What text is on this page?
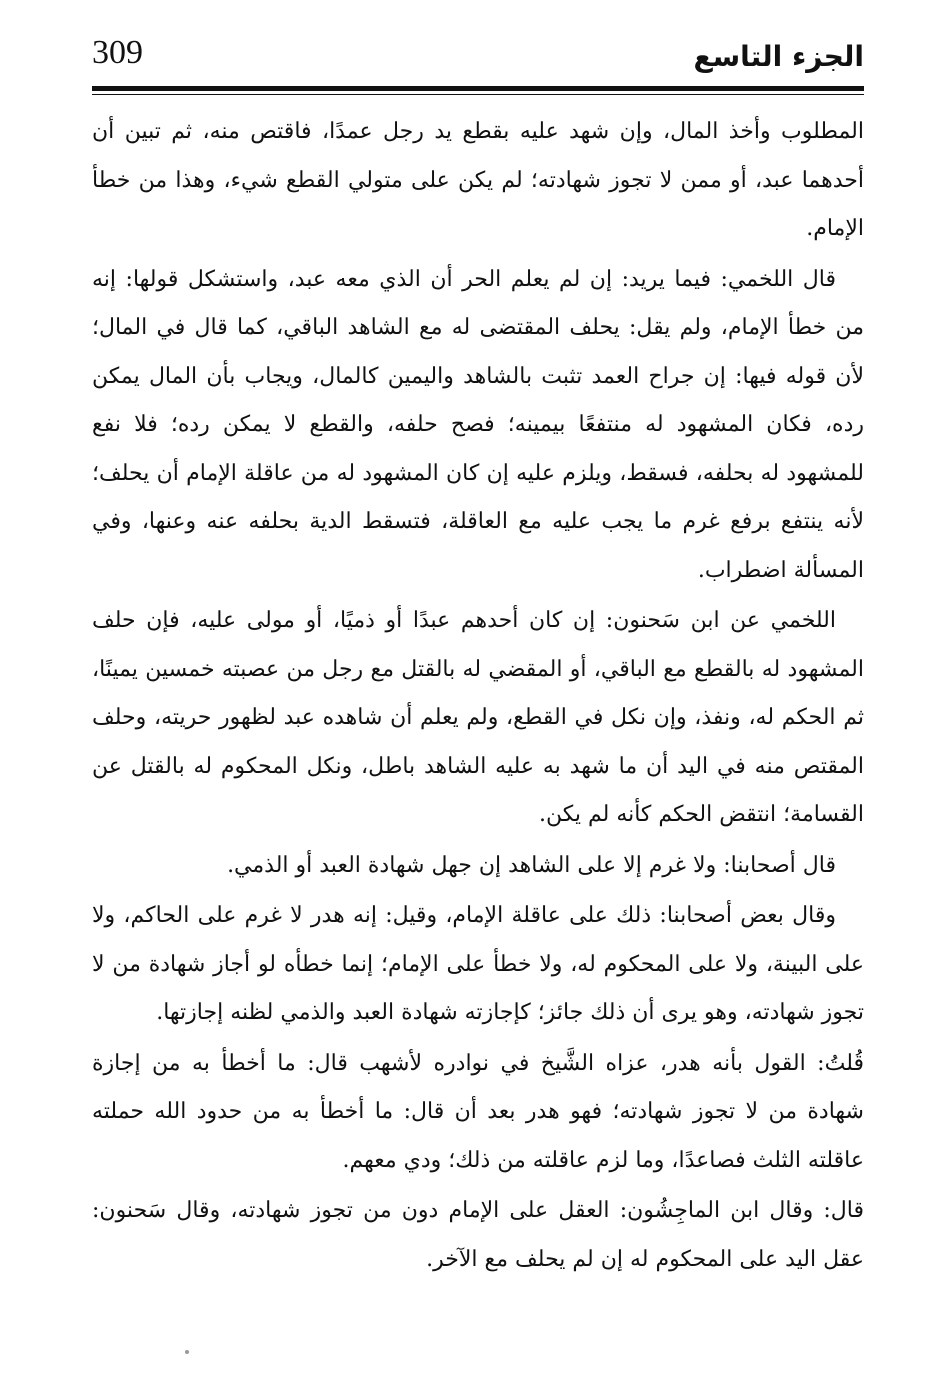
309	الجزء التاسع

المطلوب وأخذ المال، وإن شهد عليه بقطع يد رجل عمدًا، فاقتص منه، ثم تبين أن أحدهما عبد، أو ممن لا تجوز شهادته؛ لم يكن على متولي القطع شيء، وهذا من خطأ الإمام.

قال اللخمي: فيما يريد: إن لم يعلم الحر أن الذي معه عبد، واستشكل قولها: إنه من خطأ الإمام، ولم يقل: يحلف المقتضى له مع الشاهد الباقي، كما قال في المال؛ لأن قوله فيها: إن جراح العمد تثبت بالشاهد واليمين كالمال، ويجاب بأن المال يمكن رده، فكان المشهود له منتفعًا بيمينه؛ فصح حلفه، والقطع لا يمكن رده؛ فلا نفع للمشهود له بحلفه، فسقط، ويلزم عليه إن كان المشهود له من عاقلة الإمام أن يحلف؛ لأنه ينتفع برفع غرم ما يجب عليه مع العاقلة، فتسقط الدية بحلفه عنه وعنها، وفي المسألة اضطراب.

اللخمي عن ابن سَحنون: إن كان أحدهم عبدًا أو ذميًا، أو مولى عليه، فإن حلف المشهود له بالقطع مع الباقي، أو المقضي له بالقتل مع رجل من عصبته خمسين يمينًا، ثم الحكم له، ونفذ، وإن نكل في القطع، ولم يعلم أن شاهده عبد لظهور حريته، وحلف المقتص منه في اليد أن ما شهد به عليه الشاهد باطل، ونكل المحكوم له بالقتل عن القسامة؛ انتقض الحكم كأنه لم يكن.

قال أصحابنا: ولا غرم إلا على الشاهد إن جهل شهادة العبد أو الذمي.

وقال بعض أصحابنا: ذلك على عاقلة الإمام، وقيل: إنه هدر لا غرم على الحاكم، ولا على البينة، ولا على المحكوم له، ولا خطأ على الإمام؛ إنما خطأه لو أجاز شهادة من لا تجوز شهادته، وهو يرى أن ذلك جائز؛ كإجازته شهادة العبد والذمي لظنه إجازتها.

قُلتُ: القول بأنه هدر، عزاه الشَّيخ في نوادره لأشهب قال: ما أخطأ به من إجازة شهادة من لا تجوز شهادته؛ فهو هدر بعد أن قال: ما أخطأ به من حدود الله حملته عاقلته الثلث فصاعدًا، وما لزم عاقلته من ذلك؛ ودي معهم.

قال: وقال ابن الماجِشُون: العقل على الإمام دون من تجوز شهادته، وقال سَحنون: عقل اليد على المحكوم له إن لم يحلف مع الآخر.
